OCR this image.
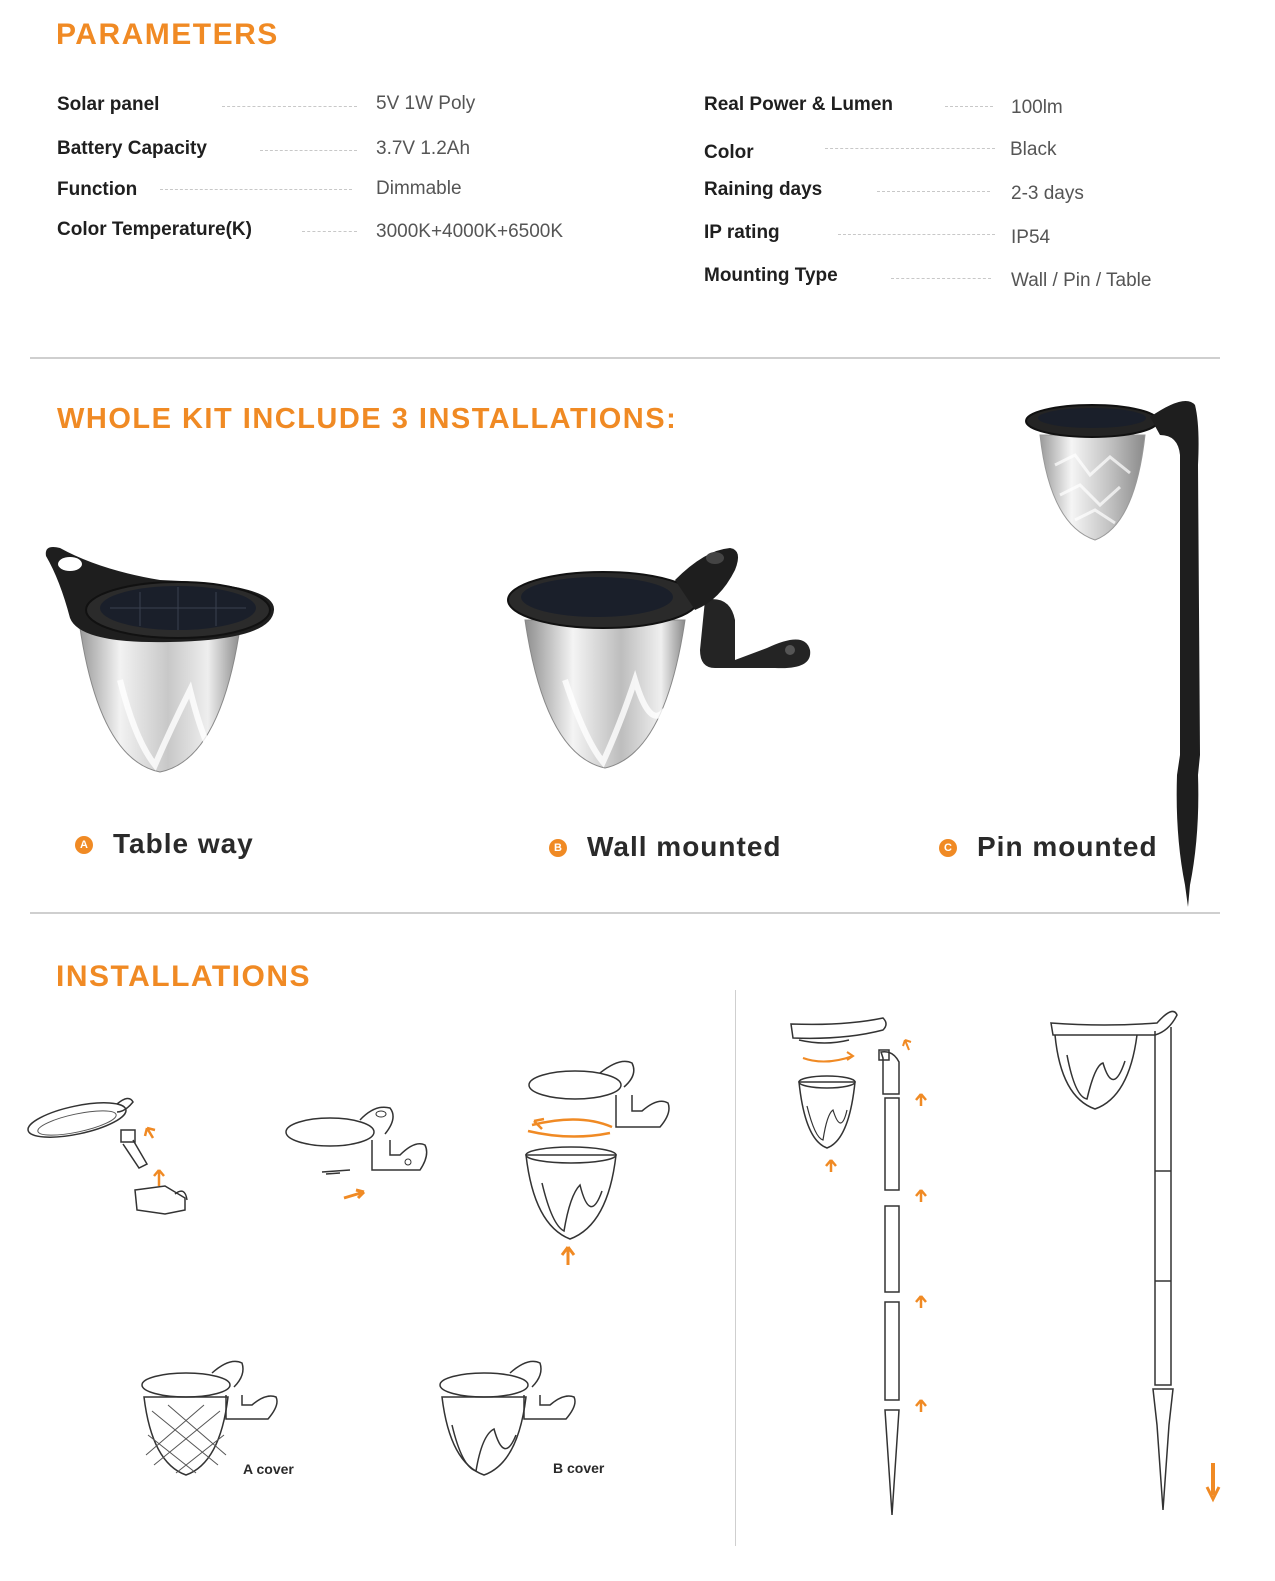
PARAMETERS
Solar panel	5V 1W Poly
Battery Capacity	3.7V 1.2Ah
Function	Dimmable
Color Temperature(K)	3000K+4000K+6500K
Real Power & Lumen	100lm
Color	Black
Raining days	2-3 days
IP rating	IP54
Mounting Type	Wall / Pin / Table
WHOLE KIT INCLUDE 3 INSTALLATIONS:
A Table way	B Wall mounted	C Pin mounted
INSTALLATIONS
A cover	B cover
